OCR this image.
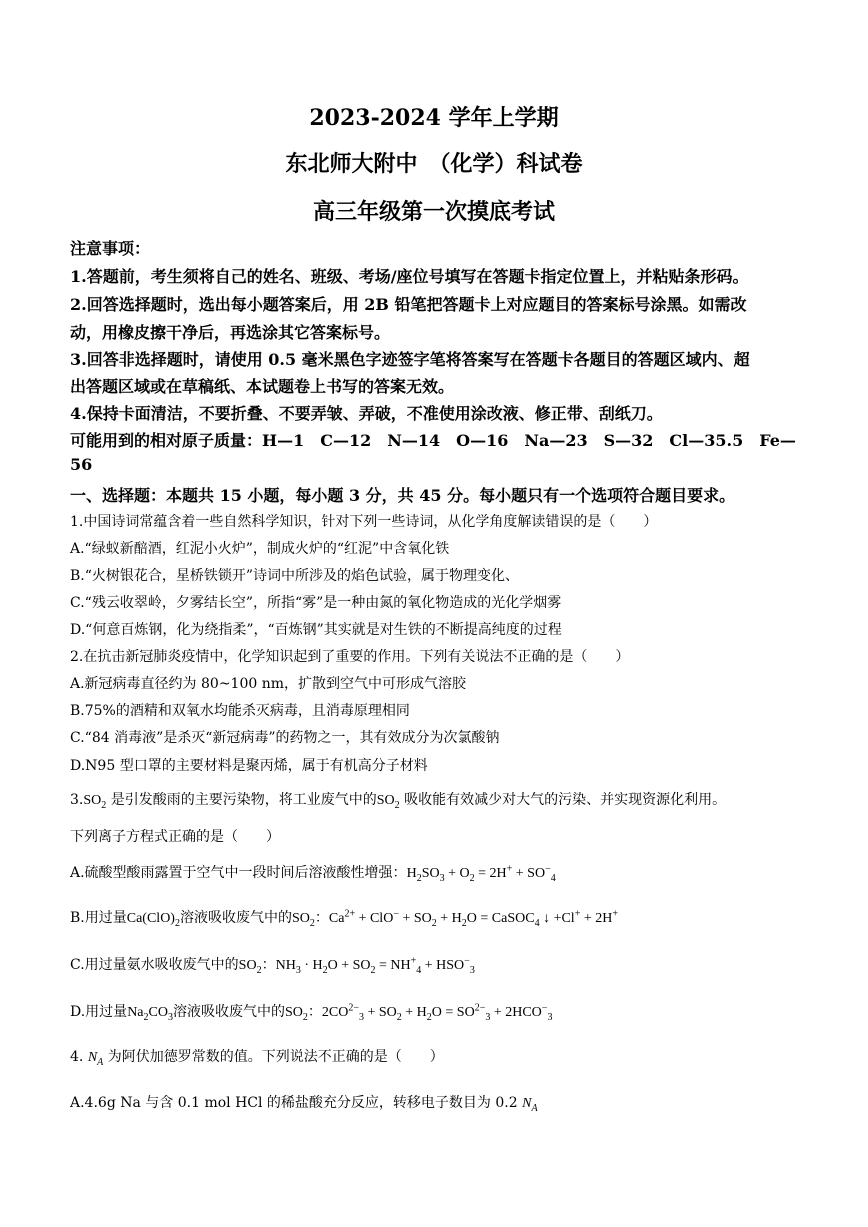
2023-2024 学年上学期
东北师大附中　（化学）科试卷
高三年级第一次摸底考试
注意事项：
1.答题前，考生须将自己的姓名、班级、考场/座位号填写在答题卡指定位置上，并粘贴条形码。
2.回答选择题时，选出每小题答案后，用 2B 铅笔把答题卡上对应题目的答案标号涂黑。如需改
动，用橡皮擦干净后，再选涂其它答案标号。
3.回答非选择题时，请使用 0.5 毫米黑色字迹签字笔将答案写在答题卡各题目的答题区域内、超
出答题区域或在草稿纸、本试题卷上书写的答案无效。
4.保持卡面清洁，不要折叠、不要弄皱、弄破，不准使用涂改液、修正带、刮纸刀。
可能用到的相对原子质量：H—1　C—12　N—14　O—16　Na—23　S—32　Cl—35.5　Fe—
56
一、选择题：本题共 15 小题，每小题 3 分，共 45 分。每小题只有一个选项符合题目要求。
1.中国诗词常蕴含着一些自然科学知识，针对下列一些诗词，从化学角度解读错误的是（　　）
A.“绿蚁新醅酒，红泥小火炉”，制成火炉的“红泥”中含氧化铁
B.“火树银花合，星桥铁锁开”诗词中所涉及的焰色试验，属于物理变化、
C.“残云收翠岭，夕雾结长空”，所指“雾”是一种由氮的氧化物造成的光化学烟雾
D.“何意百炼钢，化为绕指柔”，“百炼钢”其实就是对生铁的不断提高纯度的过程
2.在抗击新冠肺炎疫情中，化学知识起到了重要的作用。下列有关说法不正确的是（　　）
A.新冠病毒直径约为 80~100 nm，扩散到空气中可形成气溶胶
B.75%的酒精和双氧水均能杀灭病毒，且消毒原理相同
C.“84 消毒液”是杀灭“新冠病毒”的药物之一，其有效成分为次氯酸钠
D.N95 型口罩的主要材料是聚丙烯，属于有机高分子材料
$3.SO_2$ 是引发酸雨的主要污染物，将工业废气中的$SO_2$ 吸收能有效减少对大气的污染、并实现资源化利用。
下列离子方程式正确的是（　　）
A.硫酸型酸雨露置于空气中一段时间后溶液酸性增强：$H_2SO_3 + O_2 = 2H^+ + SO^-_4$
B.用过量$Ca(ClO)_2$溶液吸收废气中的$SO_2$：$Ca^{2+} + ClO^- + SO_2 + H_2O$ = CaSOC$_4$ ↓ +Cl+ + 2H+
C.用过量氨水吸收废气中的$SO_2$：$NH_3 \cdot H_2O + SO_2 = NH^+_4 + HSO^-_3$
D.用过量$Na_2CO_3$溶液吸收废气中的$SO_2$：$2CO^{2-}_3 + SO_2 + H_2O = SO^{2-}_3 + 2HCO^-_3$
4. $N_A$ 为阿伏加德罗常数的值。下列说法不正确的是（　　）
A.4.6g Na 与含 0.1 mol HCl 的稀盐酸充分反应，转移电子数目为 0.2 $N_A$
